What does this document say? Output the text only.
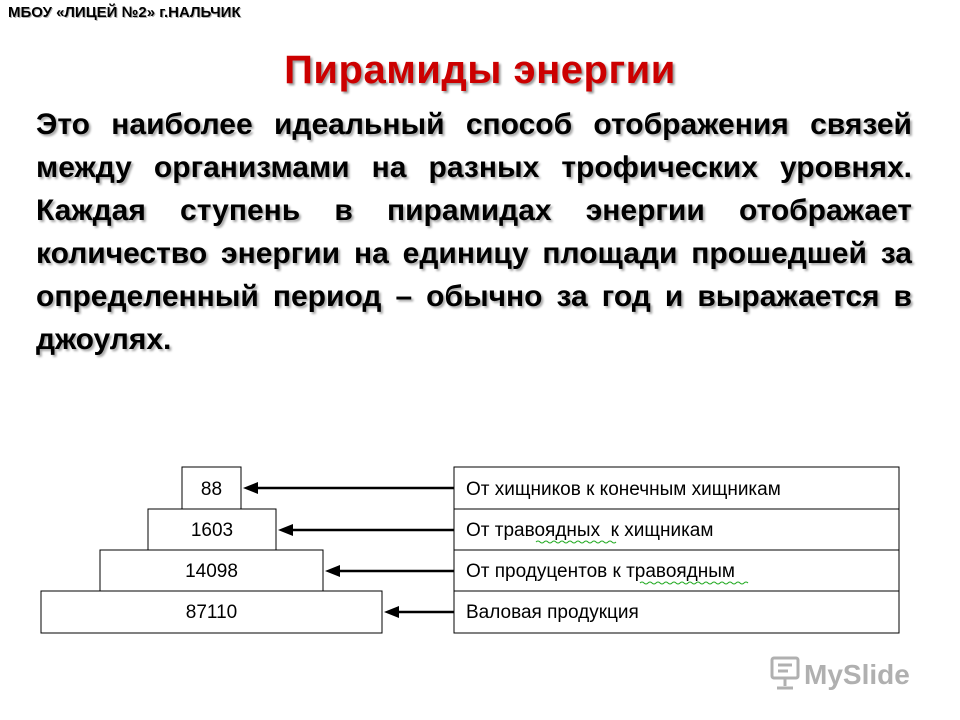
МБОУ «ЛИЦЕЙ №2» г.НАЛЬЧИК
Пирамиды энергии
Это наиболее идеальный способ отображения связей между организмами на разных трофических уровнях. Каждая ступень в пирамидах энергии отображает количество энергии на единицу площади прошедшей за определенный период – обычно за год и выражается в джоулях.
88
1603
14098
87110
От хищников к конечным хищникам
От травоядных  к хищникам
От продуцентов к травоядным
Валовая продукция
MySlide
